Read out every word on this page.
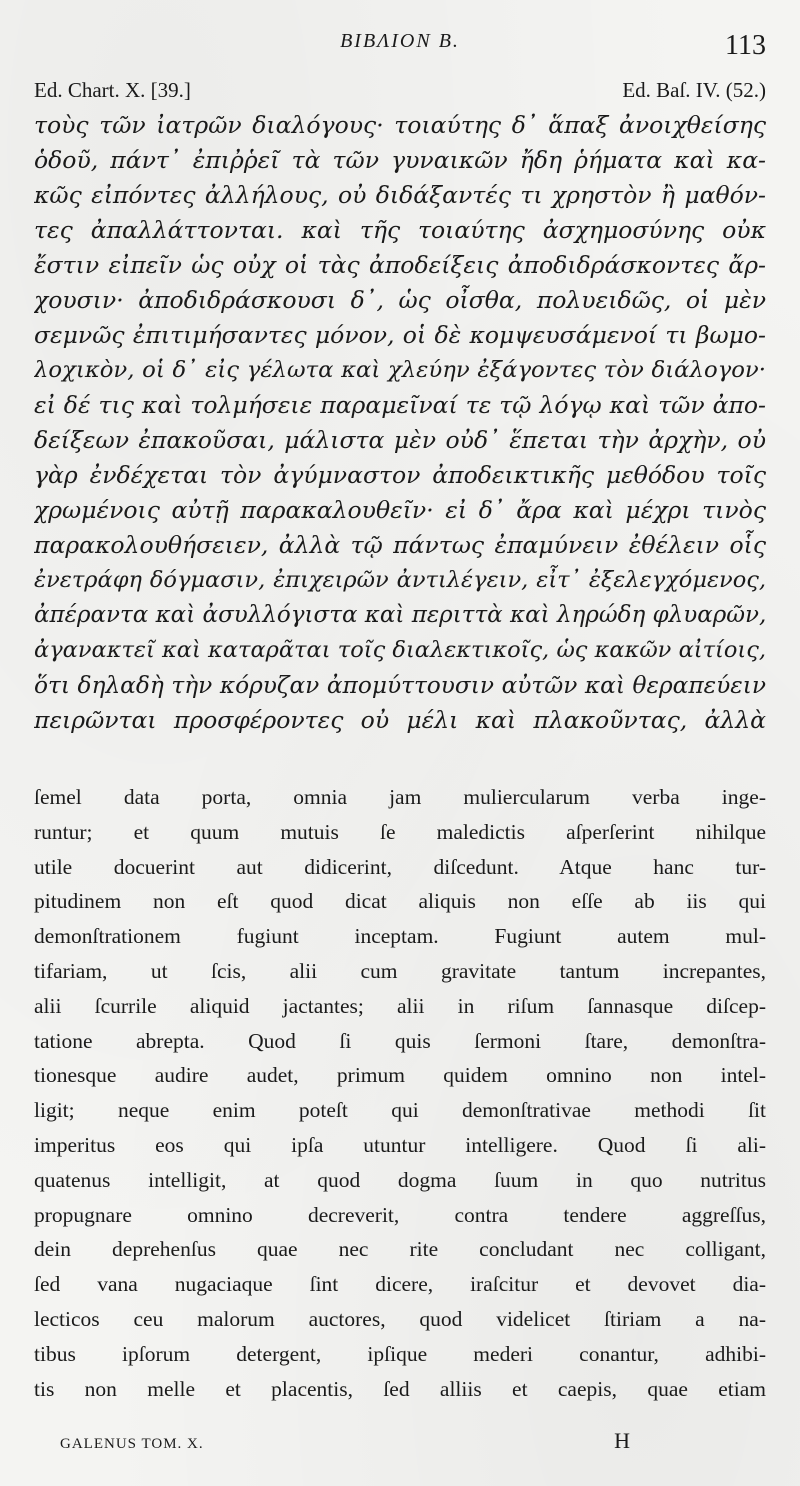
ΒΙΒΛΙΟΝ Β.	113
Ed. Chart. X. [39.]	Ed. Baſ. IV. (52.)
τοὺς τῶν ἰατρῶν διαλόγους· τοιαύτης δ᾽ ἅπαξ ἀνοιχθείσης
ὁδοῦ, πάντ᾽ ἐπιῤῥεῖ τὰ τῶν γυναικῶν ἤδη ῥήματα καὶ κα-
κῶς εἰπόντες ἀλλήλους, οὐ διδάξαντές τι χρηστὸν ἢ μαθόν-
τες ἀπαλλάττονται. καὶ τῆς τοιαύτης ἀσχημοσύνης οὐκ
ἔστιν εἰπεῖν ὡς οὐχ οἱ τὰς ἀποδείξεις ἀποδιδράσκοντες ἄρ-
χουσιν· ἀποδιδράσκουσι δ᾽, ὡς οἶσθα, πολυειδῶς, οἱ μὲν
σεμνῶς ἐπιτιμήσαντες μόνον, οἱ δὲ κομψευσάμενοί τι βωμο-
λοχικὸν, οἱ δ᾽ εἰς γέλωτα καὶ χλεύην ἐξάγοντες τὸν διάλογον·
εἰ δέ τις καὶ τολμήσειε παραμεῖναί τε τῷ λόγῳ καὶ τῶν ἀπο-
δείξεων ἐπακοῦσαι, μάλιστα μὲν οὐδ᾽ ἕπεται τὴν ἀρχὴν, οὐ
γὰρ ἐνδέχεται τὸν ἀγύμναστον ἀποδεικτικῆς μεθόδου τοῖς
χρωμένοις αὐτῇ παρακαλουθεῖν· εἰ δ᾽ ἄρα καὶ μέχρι τινὸς
παρακολουθήσειεν, ἀλλὰ τῷ πάντως ἐπαμύνειν ἐθέλειν οἷς
ἐνετράφη δόγμασιν, ἐπιχειρῶν ἀντιλέγειν, εἶτ᾽ ἐξελεγχόμενος,
ἀπέραντα καὶ ἀσυλλόγιστα καὶ περιττὰ καὶ ληρώδη φλυαρῶν,
ἀγανακτεῖ καὶ καταρᾶται τοῖς διαλεκτικοῖς, ὡς κακῶν αἰτίοις,
ὅτι δηλαδὴ τὴν κόρυζαν ἀπομύττουσιν αὐτῶν καὶ θεραπεύειν
πειρῶνται προσφέροντες οὐ μέλι καὶ πλακοῦντας, ἀλλὰ
ſemel data porta, omnia jam muliercularum verba inge-
runtur; et quum mutuis ſe maledictis aſperſerint nihilque
utile docuerint aut didicerint, diſcedunt. Atque hanc tur-
pitudinem non eſt quod dicat aliquis non eſſe ab iis qui
demonſtrationem fugiunt inceptam. Fugiunt autem mul-
tifariam, ut ſcis, alii cum gravitate tantum increpantes,
alii ſcurrile aliquid jactantes; alii in riſum ſannasque diſcep-
tatione abrepta. Quod ſi quis ſermoni ſtare, demonſtra-
tionesque audire audet, primum quidem omnino non intel-
ligit; neque enim poteſt qui demonſtrativae methodi ſit
imperitus eos qui ipſa utuntur intelligere. Quod ſi ali-
quatenus intelligit, at quod dogma ſuum in quo nutritus
propugnare omnino decreverit, contra tendere aggreſſus,
dein deprehenſus quae nec rite concludant nec colligant,
ſed vana nugaciaque ſint dicere, iraſcitur et devovet dia-
lecticos ceu malorum auctores, quod videlicet ſtiriam a na-
tibus ipſorum detergent, ipſique mederi conantur, adhibi-
tis non melle et placentis, ſed alliis et caepis, quae etiam
GALENUS TOM. X.	H
